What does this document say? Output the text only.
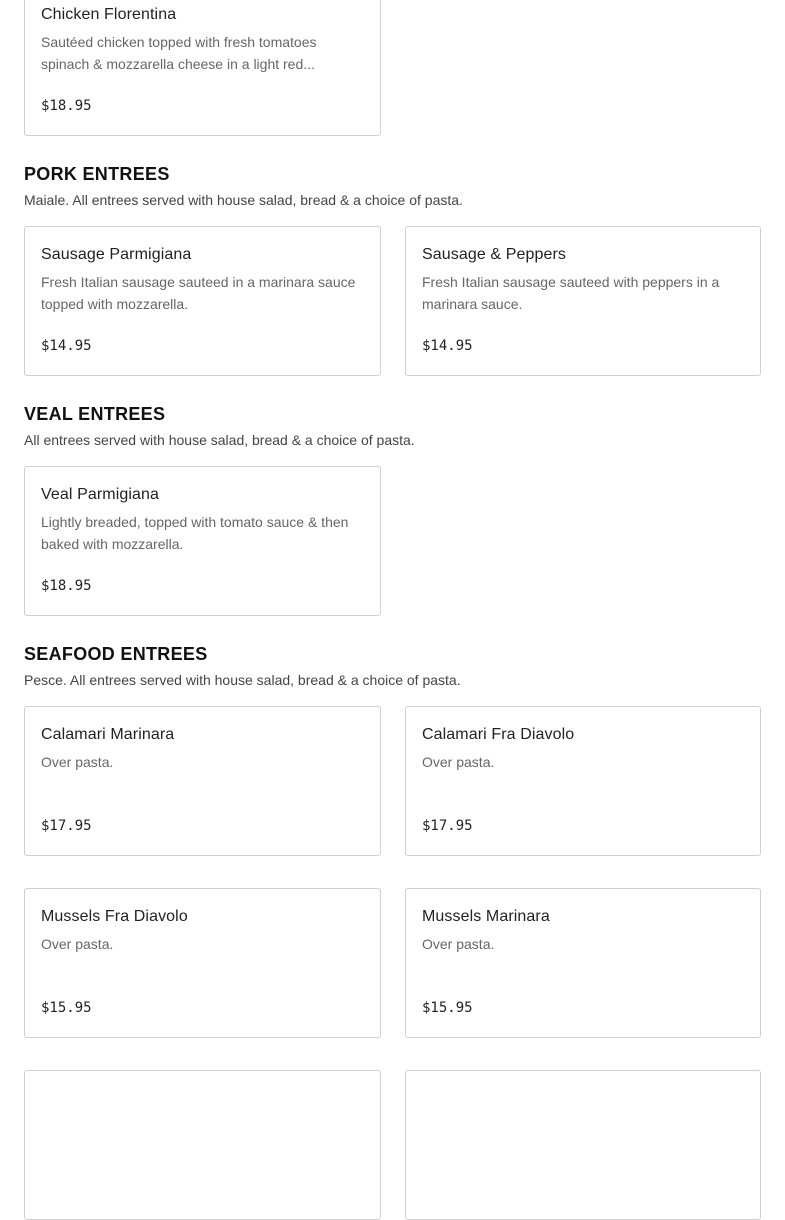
Chicken Florentina
Sautéed chicken topped with fresh tomatoes spinach & mozzarella cheese in a light red...
$18.95
PORK ENTREES
Maiale. All entrees served with house salad, bread & a choice of pasta.
Sausage Parmigiana
Fresh Italian sausage sauteed in a marinara sauce topped with mozzarella.
$14.95
Sausage & Peppers
Fresh Italian sausage sauteed with peppers in a marinara sauce.
$14.95
VEAL ENTREES
All entrees served with house salad, bread & a choice of pasta.
Veal Parmigiana
Lightly breaded, topped with tomato sauce & then baked with mozzarella.
$18.95
SEAFOOD ENTREES
Pesce. All entrees served with house salad, bread & a choice of pasta.
Calamari Marinara
Over pasta.
$17.95
Calamari Fra Diavolo
Over pasta.
$17.95
Mussels Fra Diavolo
Over pasta.
$15.95
Mussels Marinara
Over pasta.
$15.95
